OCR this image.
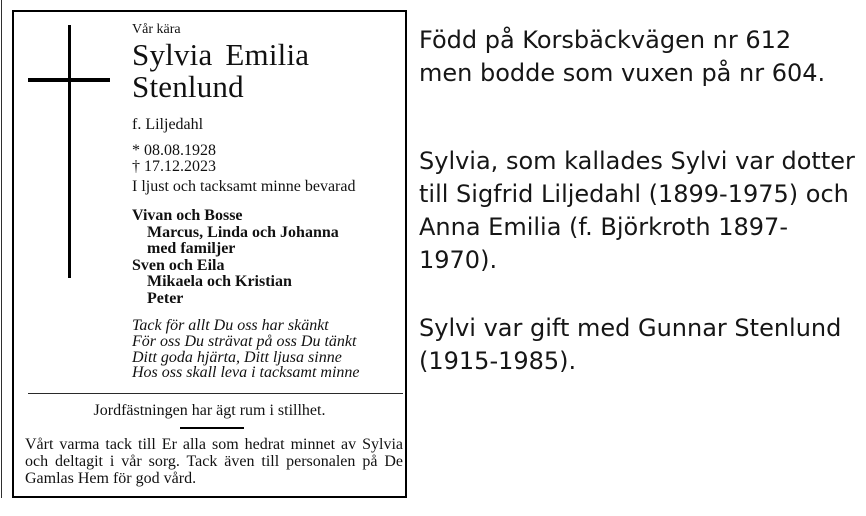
Vår kära
Sylvia Emilia
Stenlund
f. Liljedahl
* 08.08.1928
† 17.12.2023
I ljust och tacksamt minne bevarad
Vivan och Bosse
Marcus, Linda och Johanna
med familjer
Sven och Eila
Mikaela och Kristian
Peter
Tack för allt Du oss har skänkt
För oss Du strävat på oss Du tänkt
Ditt goda hjärta, Ditt ljusa sinne
Hos oss skall leva i tacksamt minne
Jordfästningen har ägt rum i stillhet.
Vårt varma tack till Er alla som hedrat minnet av Sylvia
och deltagit i vår sorg. Tack även till personalen på De
Gamlas Hem för god vård.
Född på Korsbäckvägen nr 612
men bodde som vuxen på nr 604.
Sylvia, som kallades Sylvi var dotter
till Sigfrid Liljedahl (1899-1975) och
Anna Emilia (f. Björkroth 1897-1970).
Sylvi var gift med Gunnar Stenlund
(1915-1985).
